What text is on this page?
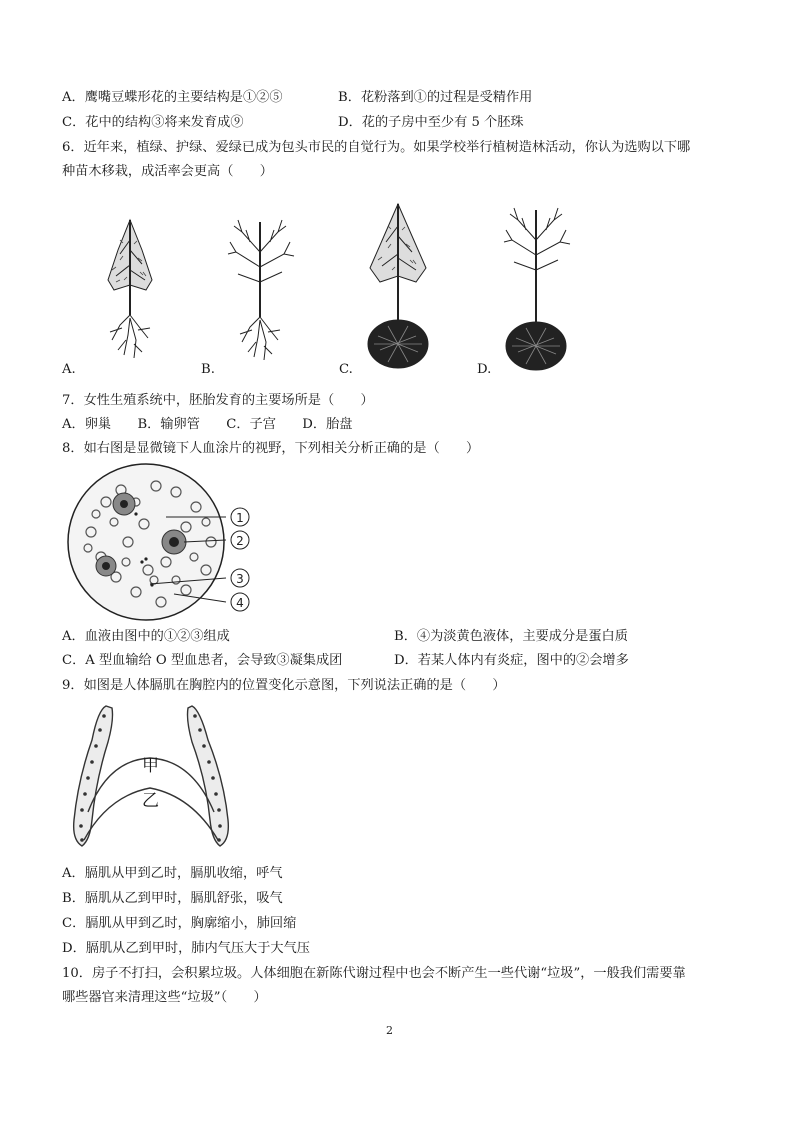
A．鹰嘴豆蝶形花的主要结构是①②⑤	B．花粉落到①的过程是受精作用
C．花中的结构③将来发育成⑨	D．花的子房中至少有 5 个胚珠
6．近年来，植绿、护绿、爱绿已成为包头市民的自觉行为。如果学校举行植树造林活动，你认为选购以下哪
种苗木移栽，成活率会更高（　　）
A.	B.	C.	D.
7．女性生殖系统中，胚胎发育的主要场所是（　　）
A．卵巢　　B．输卵管　　C．子宫　　D．胎盘
8．如右图是显微镜下人血涂片的视野，下列相关分析正确的是（　　）
1
2
3
4
A．血液由图中的①②③组成	B．④为淡黄色液体，主要成分是蛋白质
C．A 型血输给 O 型血患者，会导致③凝集成团	D．若某人体内有炎症，图中的②会增多
9．如图是人体膈肌在胸腔内的位置变化示意图，下列说法正确的是（　　）
甲
乙
A．膈肌从甲到乙时，膈肌收缩，呼气
B．膈肌从乙到甲时，膈肌舒张，吸气
C．膈肌从甲到乙时，胸廓缩小，肺回缩
D．膈肌从乙到甲时，肺内气压大于大气压
10．房子不打扫，会积累垃圾。人体细胞在新陈代谢过程中也会不断产生一些代谢“垃圾”，一般我们需要靠
哪些器官来清理这些“垃圾”（　　）
2
